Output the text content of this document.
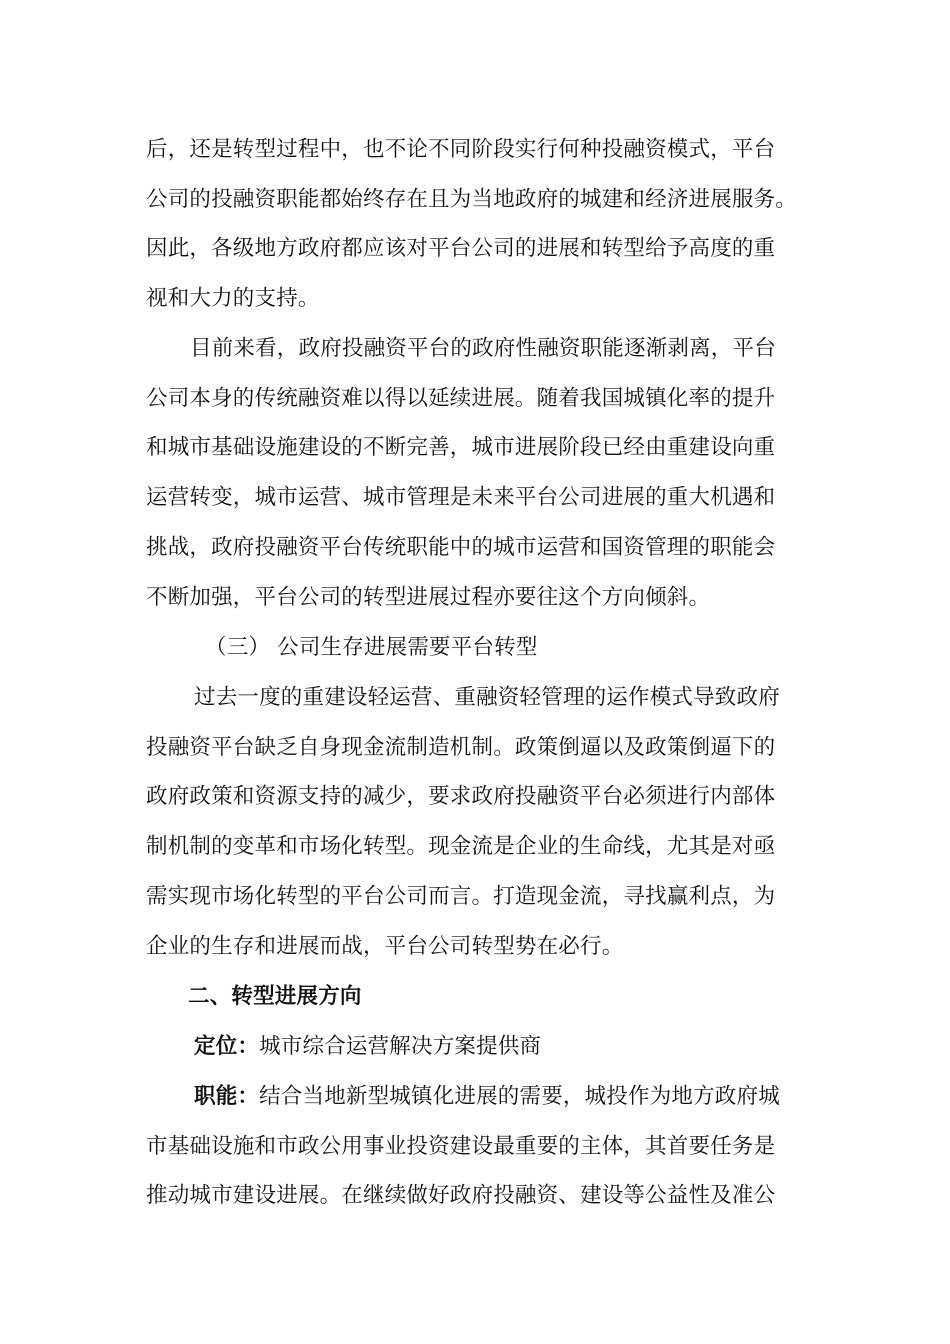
后，还是转型过程中，也不论不同阶段实行何种投融资模式，平台
公司的投融资职能都始终存在且为当地政府的城建和经济进展服务。
因此，各级地方政府都应该对平台公司的进展和转型给予高度的重
视和大力的支持。
目前来看，政府投融资平台的政府性融资职能逐渐剥离，平台
公司本身的传统融资难以得以延续进展。随着我国城镇化率的提升
和城市基础设施建设的不断完善，城市进展阶段已经由重建设向重
运营转变，城市运营、城市管理是未来平台公司进展的重大机遇和
挑战，政府投融资平台传统职能中的城市运营和国资管理的职能会
不断加强，平台公司的转型进展过程亦要往这个方向倾斜。
（三） 公司生存进展需要平台转型
过去一度的重建设轻运营、重融资轻管理的运作模式导致政府
投融资平台缺乏自身现金流制造机制。政策倒逼以及政策倒逼下的
政府政策和资源支持的减少，要求政府投融资平台必须进行内部体
制机制的变革和市场化转型。现金流是企业的生命线，尤其是对亟
需实现市场化转型的平台公司而言。打造现金流，寻找赢利点，为
企业的生存和进展而战，平台公司转型势在必行。
二、转型进展方向
定位：城市综合运营解决方案提供商
职能：结合当地新型城镇化进展的需要，城投作为地方政府城
市基础设施和市政公用事业投资建设最重要的主体，其首要任务是
推动城市建设进展。在继续做好政府投融资、建设等公益性及准公
